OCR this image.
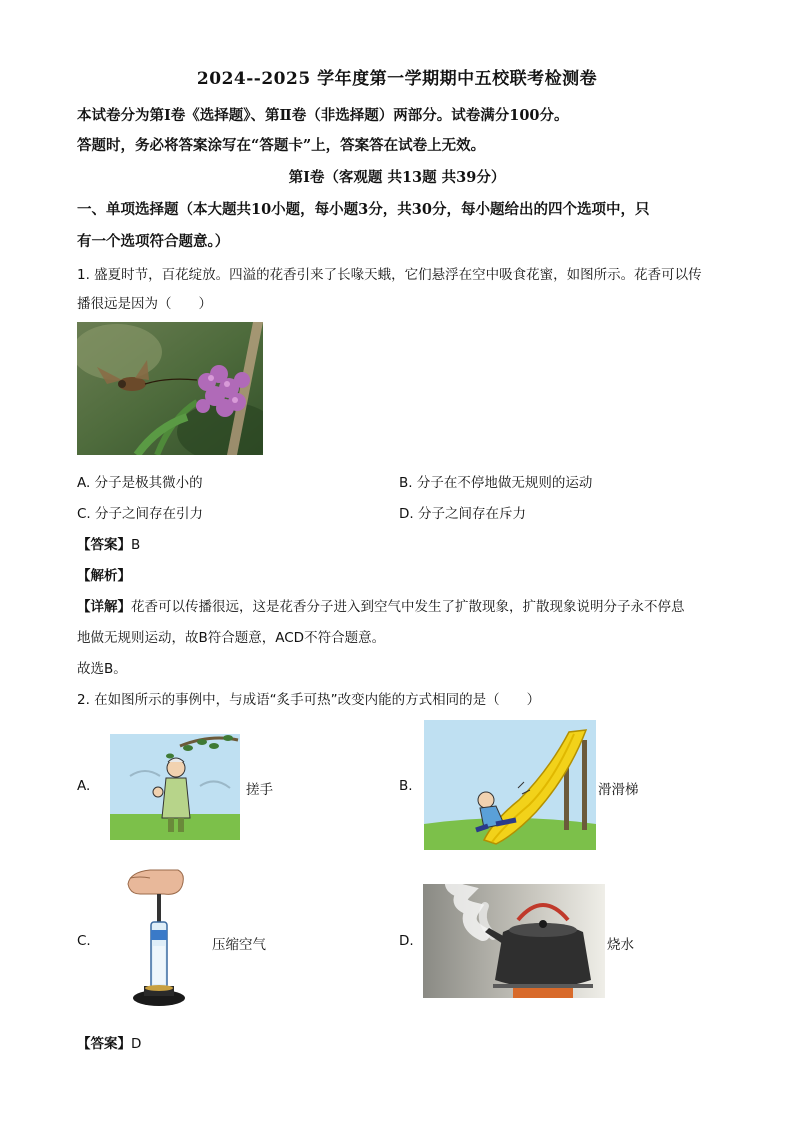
2024--2025 学年度第一学期期中五校联考检测卷
本试卷分为第Ⅰ卷《选择题》、第Ⅱ卷（非选择题）两部分。试卷满分100分。
答题时，务必将答案涂写在“答题卡”上，答案答在试卷上无效。
第Ⅰ卷（客观题 共13题 共39分）
一、单项选择题（本大题共10小题，每小题3分，共30分，每小题给出的四个选项中，只
有一个选项符合题意。）
1. 盛夏时节，百花绽放。四溢的花香引来了长喙天蛾，它们悬浮在空中吸食花蜜，如图所示。花香可以传
播很远是因为（　　）
A. 分子是极其微小的	B. 分子在不停地做无规则的运动
C. 分子之间存在引力	D. 分子之间存在斥力
【答案】B
【解析】
【详解】花香可以传播很远，这是花香分子进入到空气中发生了扩散现象，扩散现象说明分子永不停息
地做无规则运动，故B符合题意，ACD不符合题意。
故选B。
2. 在如图所示的事例中，与成语“炙手可热”改变内能的方式相同的是（　　）
A.	搓手	B.	滑滑梯
C.	压缩空气	D.	烧水
【答案】D
